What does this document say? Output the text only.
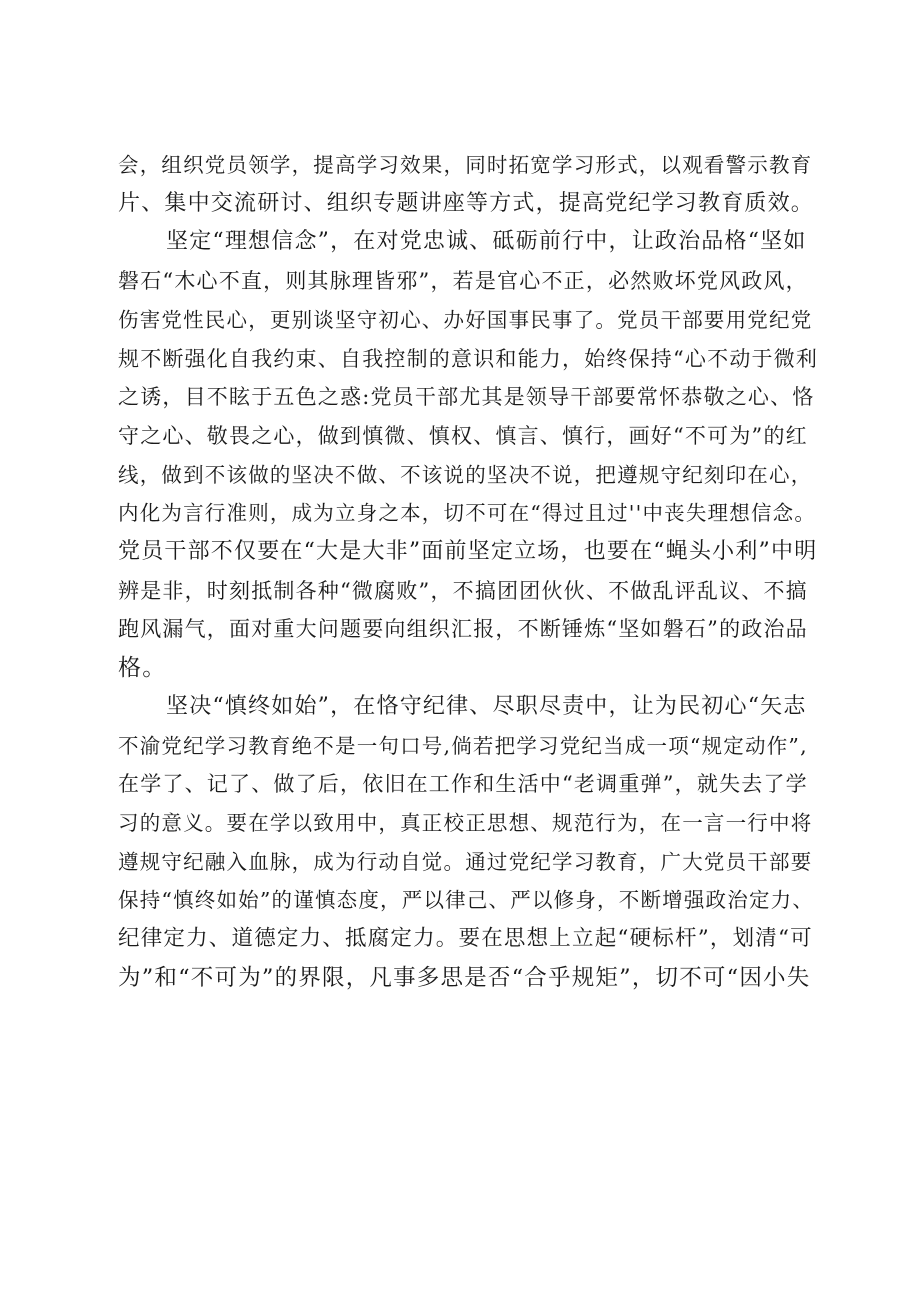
会，组织党员领学，提高学习效果，同时拓宽学习形式，以观看警示教育
片、集中交流研讨、组织专题讲座等方式，提高党纪学习教育质效。
坚定“理想信念”，在对党忠诚、砥砺前行中，让政治品格“坚如
磐石“木心不直，则其脉理皆邪”，若是官心不正，必然败坏党风政风，
伤害党性民心，更别谈坚守初心、办好国事民事了。党员干部要用党纪党
规不断强化自我约束、自我控制的意识和能力，始终保持“心不动于微利
之诱，目不眩于五色之惑:党员干部尤其是领导干部要常怀恭敬之心、恪
守之心、敬畏之心，做到慎微、慎权、慎言、慎行，画好“不可为”的红
线，做到不该做的坚决不做、不该说的坚决不说，把遵规守纪刻印在心，
内化为言行准则，成为立身之本，切不可在“得过且过''中丧失理想信念。
党员干部不仅要在“大是大非”面前坚定立场，也要在“蝇头小利”中明
辨是非，时刻抵制各种“微腐败”，不搞团团伙伙、不做乱评乱议、不搞
跑风漏气，面对重大问题要向组织汇报，不断锤炼“坚如磐石”的政治品
格。
坚决“慎终如始”，在恪守纪律、尽职尽责中，让为民初心“矢志
不渝党纪学习教育绝不是一句口号,倘若把学习党纪当成一项“规定动作”,
在学了、记了、做了后，依旧在工作和生活中“老调重弹”，就失去了学
习的意义。要在学以致用中，真正校正思想、规范行为，在一言一行中将
遵规守纪融入血脉，成为行动自觉。通过党纪学习教育，广大党员干部要
保持“慎终如始”的谨慎态度，严以律己、严以修身，不断增强政治定力、
纪律定力、道德定力、抵腐定力。要在思想上立起“硬标杆”，划清“可
为”和“不可为”的界限，凡事多思是否“合乎规矩”，切不可“因小失
